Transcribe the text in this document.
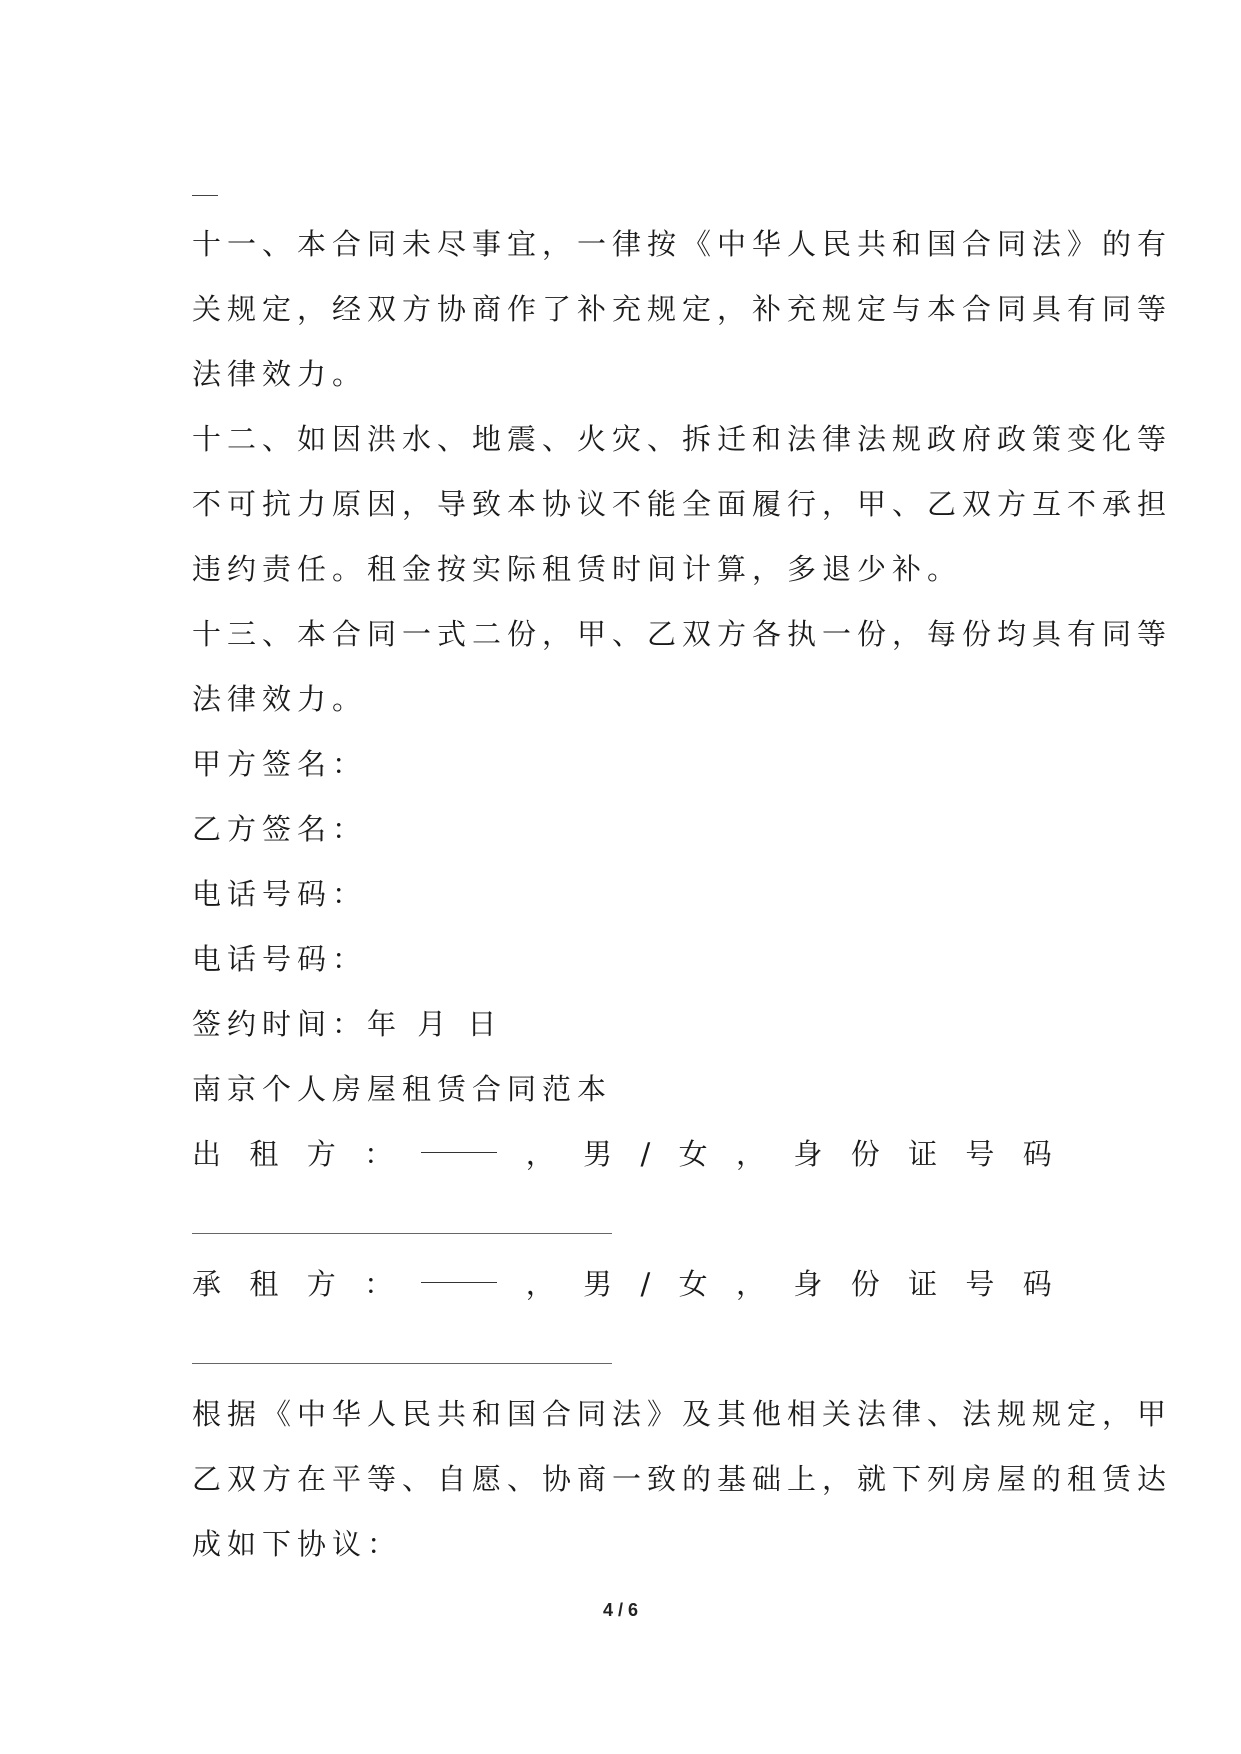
十一、本合同未尽事宜，一律按《中华人民共和国合同法》的有
关规定，经双方协商作了补充规定，补充规定与本合同具有同等
法律效力。
十二、如因洪水、地震、火灾、拆迁和法律法规政府政策变化等
不可抗力原因，导致本协议不能全面履行，甲、乙双方互不承担
违约责任。租金按实际租赁时间计算，多退少补。
十三、本合同一式二份，甲、乙双方各执一份，每份均具有同等
法律效力。
甲方签名：
乙方签名：
电话号码：
电话号码：
签约时间：年 月 日
南京个人房屋租赁合同范本
出 租 方 ：	， 男 / 女 ， 身 份 证 号 码
承 租 方 ：	， 男 / 女 ， 身 份 证 号 码
根据《中华人民共和国合同法》及其他相关法律、法规规定，甲
乙双方在平等、自愿、协商一致的基础上，就下列房屋的租赁达
成如下协议：
4 / 6
